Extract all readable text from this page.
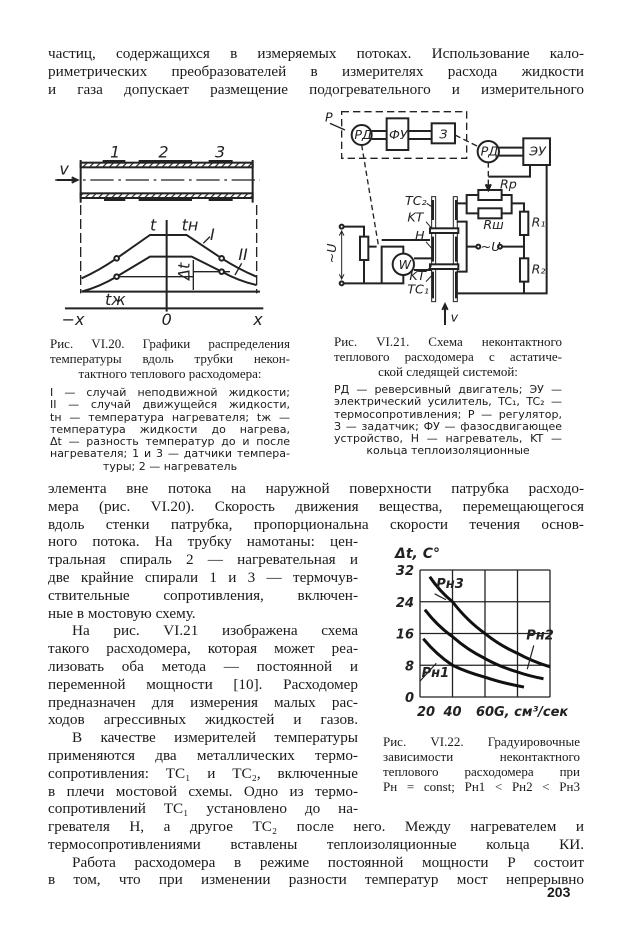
частиц, содержащихся в измеряемых потоках. Использование кало-
риметрических преобразователей в измерителях расхода жидкости
и газа допускает размещение подогревательного и измерительного
1 2 3
v
t tн I
II
Δt
tж
−x 0 x
Рис. VI.20. Графики распределения
температуры вдоль трубки некон-
тактного теплового расходомера:
I — случай неподвижной жидкости;
II — случай движущейся жидкости,
tн — температура нагревателя; tж —
температура жидкости до нагрева,
Δt — разность температур до и после
нагревателя; 1 и 3 — датчики темпера-
туры; 2 — нагреватель
P
РД ФУ З
РД ЭУ
Rр
Rш R₁
R₂
TC₂
KT
H
W
KT
TC₁
~U	~U
v
Рис. VI.21. Схема неконтактного
теплового расходомера с астатиче-
ской следящей системой:
РД — реверсивный двигатель; ЭУ —
электрический усилитель, TC₁, TC₂ —
термосопротивления; P — регулятор,
З — задатчик; ФУ — фазосдвигающее
устройство, H — нагреватель, KT —
кольца теплоизоляционные
элемента вне потока на наружной поверхности патрубка расходо-
мера (рис. VI.20). Скорость движения вещества, перемещающегося
вдоль стенки патрубка, пропорциональна скорости течения основ-
ного потока. На трубку намотаны: цен-
тральная спираль 2 — нагревательная и
две крайние спирали 1 и 3 — термочув-
ствительные сопротивления, включен-
ные в мостовую схему.
На рис. VI.21 изображена схема
такого расходомера, которая может реа-
лизовать оба метода — постоянной и
переменной мощности [10]. Расходомер
предназначен для измерения малых рас-
ходов агрессивных жидкостей и газов.
В качестве измерителей температуры
применяются два металлических термо-
сопротивления: TC₁ и TC₂, включенные
в плечи мостовой схемы. Одно из термо-
сопротивлений TC₁ установлено до на-
0
8
16
24
32
20 40 60 G, см³/сек
Δt, C°
Pн3
Pн2
Pн1
Рис. VI.22. Градуировочные
зависимости неконтактного
теплового расходомера при
Pн = const; Pн1 < Pн2 < Pн3
гревателя H, а другое TC₂ после него. Между нагревателем и
термосопротивлениями вставлены теплоизоляционные кольца КИ.
Работа расходомера в режиме постоянной мощности P состоит
в том, что при изменении разности температур мост непрерывно
203
